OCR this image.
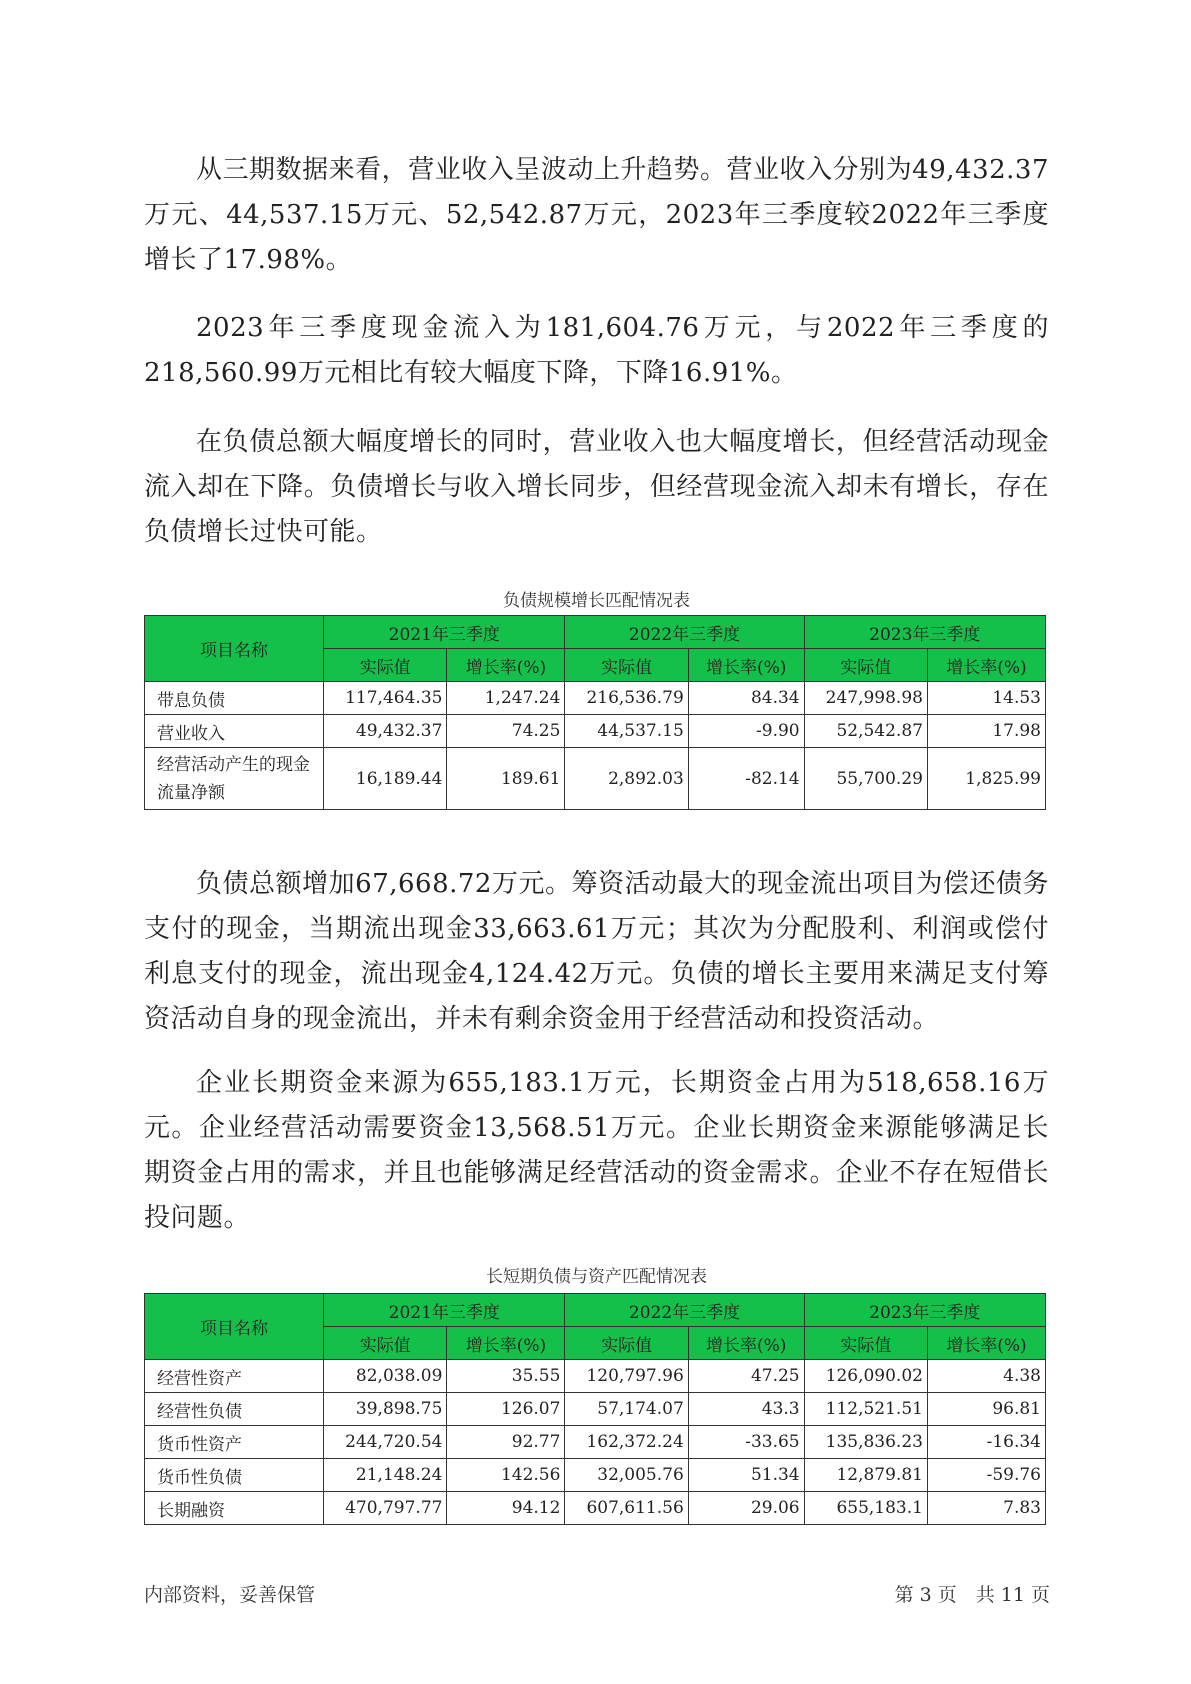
从三期数据来看，营业收入呈波动上升趋势。营业收入分别为49,432.37万元、44,537.15万元、52,542.87万元，2023年三季度较2022年三季度增长了17.98%。

2023年三季度现金流入为181,604.76万元，与2022年三季度的218,560.99万元相比有较大幅度下降，下降16.91%。

在负债总额大幅度增长的同时，营业收入也大幅度增长，但经营活动现金流入却在下降。负债增长与收入增长同步，但经营现金流入却未有增长，存在负债增长过快可能。

负债规模增长匹配情况表
项目名称	2021年三季度		2022年三季度		2023年三季度	
	实际值	增长率(%)	实际值	增长率(%)	实际值	增长率(%)
带息负债	117,464.35	1,247.24	216,536.79	84.34	247,998.98	14.53
营业收入	49,432.37	74.25	44,537.15	-9.90	52,542.87	17.98

经营活动产生的现金流量净额	16,189.44	189.61	2,892.03	-82.14	55,700.29	1,825.99

负债总额增加67,668.72万元。筹资活动最大的现金流出项目为偿还债务支付的现金，当期流出现金33,663.61万元；其次为分配股利、利润或偿付利息支付的现金，流出现金4,124.42万元。负债的增长主要用来满足支付筹资活动自身的现金流出，并未有剩余资金用于经营活动和投资活动。

企业长期资金来源为655,183.1万元，长期资金占用为518,658.16万元。企业经营活动需要资金13,568.51万元。企业长期资金来源能够满足长期资金占用的需求，并且也能够满足经营活动的资金需求。企业不存在短借长投问题。

长短期负债与资产匹配情况表
项目名称	2021年三季度		2022年三季度		2023年三季度	
	实际值	增长率(%)	实际值	增长率(%)	实际值	增长率(%)
经营性资产	82,038.09	35.55	120,797.96	47.25	126,090.02	4.38
经营性负债	39,898.75	126.07	57,174.07	43.3	112,521.51	96.81
货币性资产	244,720.54	92.77	162,372.24	-33.65	135,836.23	-16.34
货币性负债	21,148.24	142.56	32,005.76	51.34	12,879.81	-59.76
长期融资	470,797.77	94.12	607,611.56	29.06	655,183.1	7.83
内部资料，妥善保管	第 3 页　共 11 页
